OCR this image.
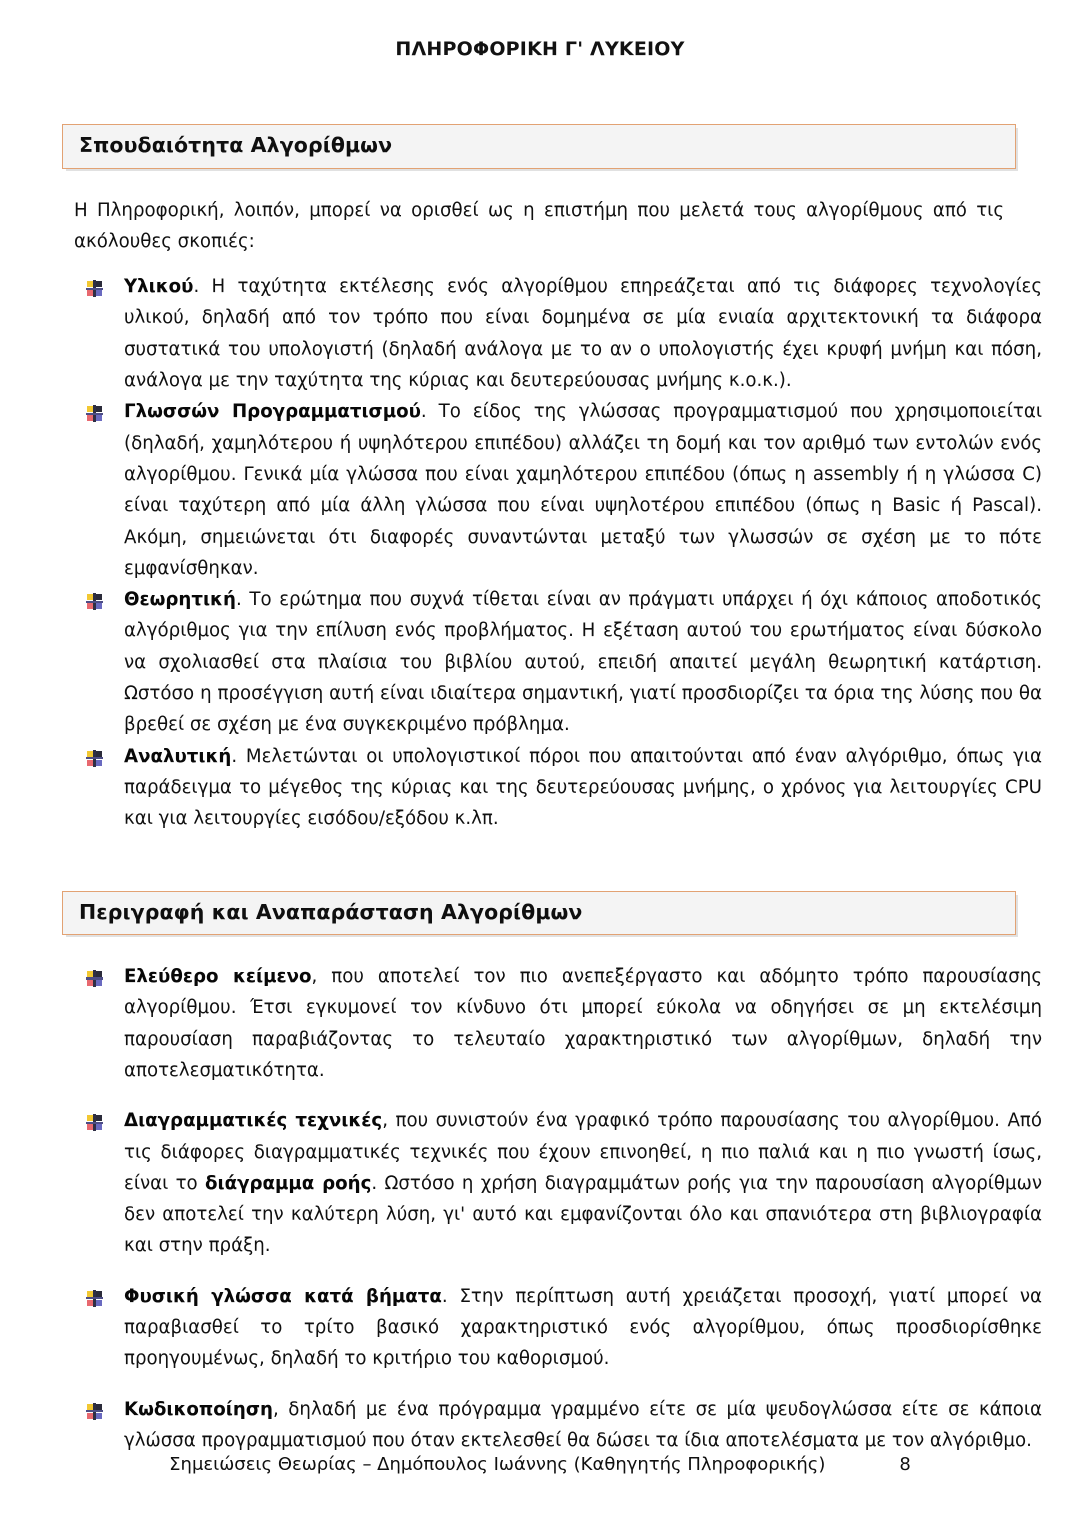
ΠΛΗΡΟΦΟΡΙΚΗ Γ' ΛΥΚΕΙΟΥ
Σπουδαιότητα Αλγορίθμων

Η Πληροφορική, λοιπόν, μπορεί να ορισθεί ως η επιστήμη που μελετά τους αλγορίθμους από τις ακόλουθες σκοπιές:

Υλικού. Η ταχύτητα εκτέλεσης ενός αλγορίθμου επηρεάζεται από τις διάφορες τεχνολογίες υλικού, δηλαδή από τον τρόπο που είναι δομημένα σε μία ενιαία αρχιτεκτονική τα διάφορα συστατικά του υπολογιστή (δηλαδή ανάλογα με το αν ο υπολογιστής έχει κρυφή μνήμη και πόση, ανάλογα με την ταχύτητα της κύριας και δευτερεύουσας μνήμης κ.ο.κ.).
Γλωσσών Προγραμματισμού. Το είδος της γλώσσας προγραμματισμού που χρησιμοποιείται (δηλαδή, χαμηλότερου ή υψηλότερου επιπέδου) αλλάζει τη δομή και τον αριθμό των εντολών ενός αλγορίθμου. Γενικά μία γλώσσα που είναι χαμηλότερου επιπέδου (όπως η assembly ή η γλώσσα C) είναι ταχύτερη από μία άλλη γλώσσα που είναι υψηλοτέρου επιπέδου (όπως η Basic ή Pascal). Ακόμη, σημειώνεται ότι διαφορές συναντώνται μεταξύ των γλωσσών σε σχέση με το πότε εμφανίσθηκαν.
Θεωρητική. Το ερώτημα που συχνά τίθεται είναι αν πράγματι υπάρχει ή όχι κάποιος αποδοτικός αλγόριθμος για την επίλυση ενός προβλήματος. Η εξέταση αυτού του ερωτήματος είναι δύσκολο να σχολιασθεί στα πλαίσια του βιβλίου αυτού, επειδή απαιτεί μεγάλη θεωρητική κατάρτιση. Ωστόσο η προσέγγιση αυτή είναι ιδιαίτερα σημαντική, γιατί προσδιορίζει τα όρια της λύσης που θα βρεθεί σε σχέση με ένα συγκεκριμένο πρόβλημα.
Αναλυτική. Μελετώνται οι υπολογιστικοί πόροι που απαιτούνται από έναν αλγόριθμο, όπως για παράδειγμα το μέγεθος της κύριας και της δευτερεύουσας μνήμης, ο χρόνος για λειτουργίες CPU και για λειτουργίες εισόδου/εξόδου κ.λπ.
Περιγραφή και Αναπαράσταση Αλγορίθμων
Ελεύθερο κείμενο, που αποτελεί τον πιο ανεπεξέργαστο και αδόμητο τρόπο παρουσίασης αλγορίθμου. Έτσι εγκυμονεί τον κίνδυνο ότι μπορεί εύκολα να οδηγήσει σε μη εκτελέσιμη παρουσίαση παραβιάζοντας το τελευταίο χαρακτηριστικό των αλγορίθμων, δηλαδή την αποτελεσματικότητα.
Διαγραμματικές τεχνικές, που συνιστούν ένα γραφικό τρόπο παρουσίασης του αλγορίθμου. Από τις διάφορες διαγραμματικές τεχνικές που έχουν επινοηθεί, η πιο παλιά και η πιο γνωστή ίσως, είναι το διάγραμμα ροής. Ωστόσο η χρήση διαγραμμάτων ροής για την παρουσίαση αλγορίθμων δεν αποτελεί την καλύτερη λύση, γι' αυτό και εμφανίζονται όλο και σπανιότερα στη βιβλιογραφία και στην πράξη.
Φυσική γλώσσα κατά βήματα. Στην περίπτωση αυτή χρειάζεται προσοχή, γιατί μπορεί να παραβιασθεί το τρίτο βασικό χαρακτηριστικό ενός αλγορίθμου, όπως προσδιορίσθηκε προηγουμένως, δηλαδή το κριτήριο του καθορισμού.
Κωδικοποίηση, δηλαδή με ένα πρόγραμμα γραμμένο είτε σε μία ψευδογλώσσα είτε σε κάποια γλώσσα προγραμματισμού που όταν εκτελεσθεί θα δώσει τα ίδια αποτελέσματα με τον αλγόριθμο.
Σημειώσεις Θεωρίας – Δημόπουλος Ιωάννης (Καθηγητής Πληροφορικής)	8
